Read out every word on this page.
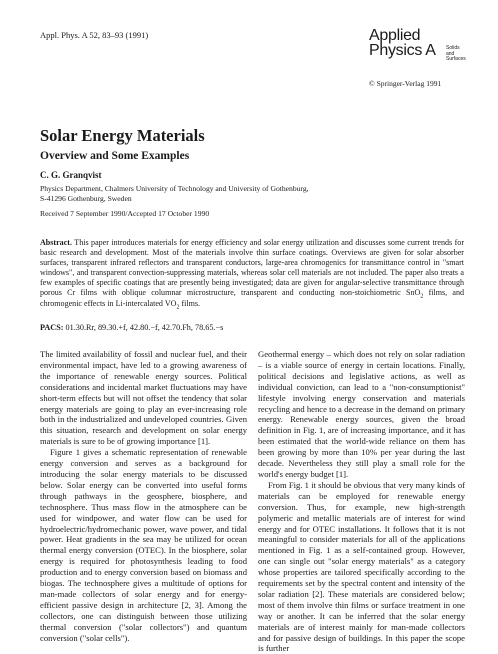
Appl. Phys. A 52, 83–93 (1991)	Applied
Physics A Solids
and
Surfaces
© Springer-Verlag 1991
Solar Energy Materials
Overview and Some Examples
C. G. Granqvist
Physics Department, Chalmers University of Technology and University of Gothenburg,
S-41296 Gothenburg, Sweden
Received 7 September 1990/Accepted 17 October 1990
Abstract. This paper introduces materials for energy efficiency and solar energy utilization and discusses some current trends for basic research and development. Most of the materials involve thin surface coatings. Overviews are given for solar absorber surfaces, transparent infrared reflectors and transparent conductors, large-area chromogenics for transmittance control in "smart windows", and transparent convection-suppressing materials, whereas solar cell materials are not included. The paper also treats a few examples of specific coatings that are presently being investigated; data are given for angular-selective transmittance through porous Cr films with oblique columnar microstructure, transparent and conducting non-stoichiometric SnO$_2$ films, and chromogenic effects in Li-intercalated $VO_2$ films.
PACS: 01.30.Rr, 89.30.+f, 42.80.−f, 42.70.Fh, 78.65.−s

The limited availability of fossil and nuclear fuel, and their environmental impact, have led to a growing awareness of the importance of renewable energy sources. Political considerations and incidental market fluctuations may have short-term effects but will not offset the tendency that solar energy materials are going to play an ever-increasing role both in the industrialized and undeveloped countries. Given this situation, research and development on solar energy materials is sure to be of growing importance [1].

Figure 1 gives a schematic representation of renewable energy conversion and serves as a background for introducing the solar energy materials to be discussed below. Solar energy can be converted into useful forms through pathways in the geosphere, biosphere, and technosphere. Thus mass flow in the atmosphere can be used for windpower, and water flow can be used for hydroelectric/hydromechanic power, wave power, and tidal power. Heat gradients in the sea may be utilized for ocean thermal energy conversion (OTEC). In the biosphere, solar energy is required for photosynthesis leading to food production and to energy conversion based on biomass and biogas. The technosphere gives a multitude of options for man-made collectors of solar energy and for energy-efficient passive design in architecture [2, 3]. Among the collectors, one can distinguish between those utilizing thermal conversion ("solar collectors") and quantum conversion ("solar cells").

Geothermal energy – which does not rely on solar radiation – is a viable source of energy in certain locations. Finally, political decisions and legislative actions, as well as individual conviction, can lead to a "non-consumptionist" lifestyle involving energy conservation and materials recycling and hence to a decrease in the demand on primary energy. Renewable energy sources, given the broad definition in Fig. 1, are of increasing importance, and it has been estimated that the world-wide reliance on them has been growing by more than 10% per year during the last decade. Nevertheless they still play a small role for the world's energy budget [1].

From Fig. 1 it should be obvious that very many kinds of materials can be employed for renewable energy conversion. Thus, for example, new high-strength polymeric and metallic materials are of interest for wind energy and for OTEC installations. It follows that it is not meaningful to consider materials for all of the applications mentioned in Fig. 1 as a self-contained group. However, one can single out "solar energy materials" as a category whose properties are tailored specifically according to the requirements set by the spectral content and intensity of the solar radiation [2]. These materials are considered below; most of them involve thin films or surface treatment in one way or another. It can be inferred that the solar energy materials are of interest mainly for man-made collectors and for passive design of buildings. In this paper the scope is further
